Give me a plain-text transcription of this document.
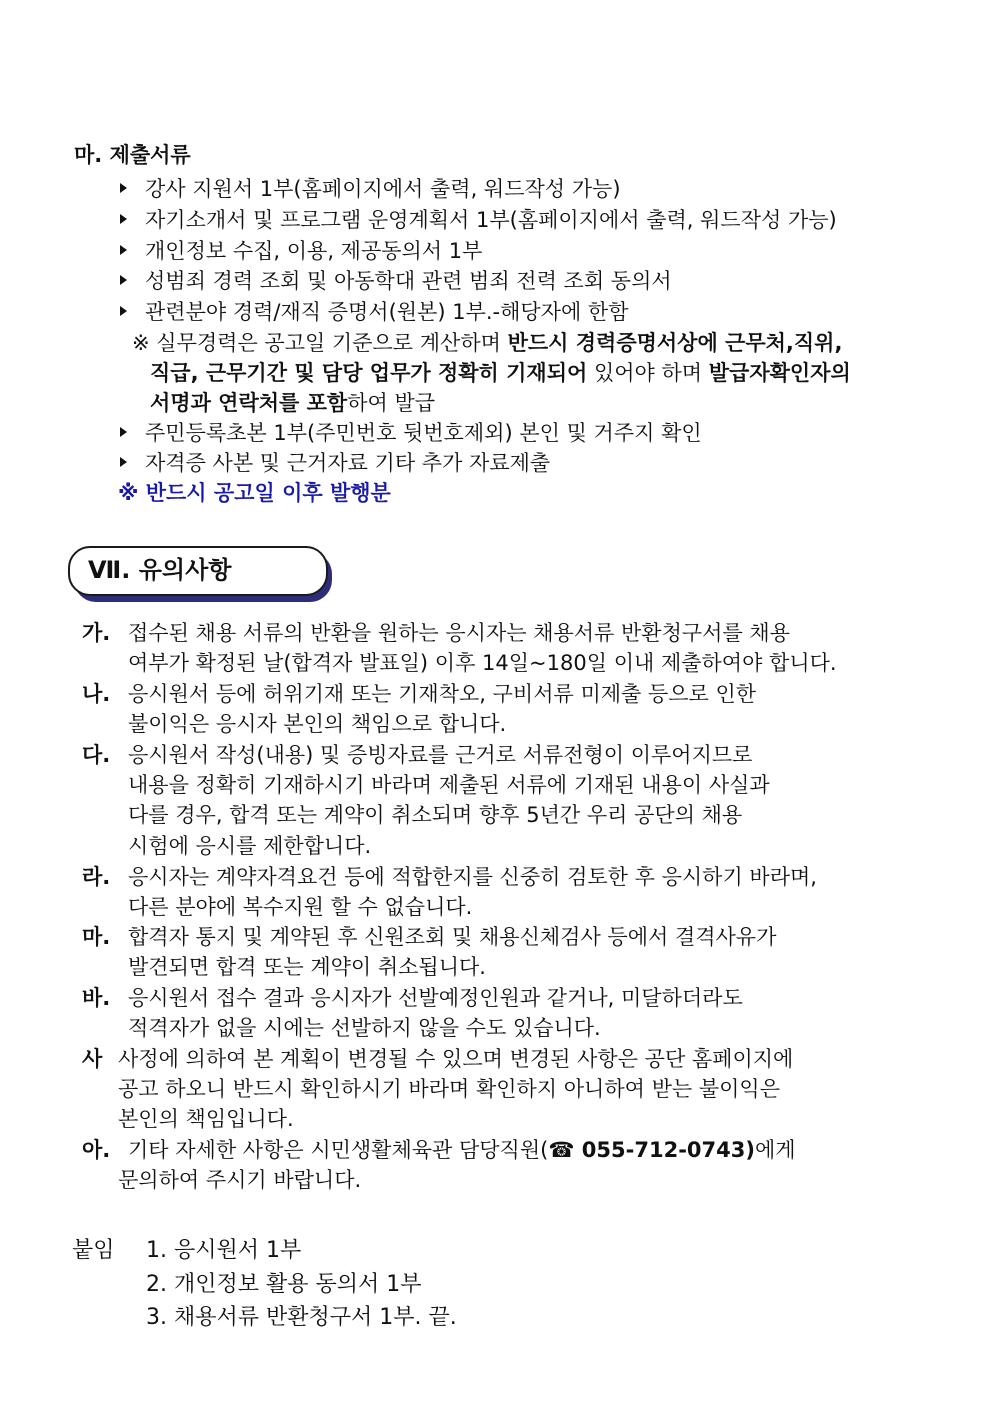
마. 제출서류
강사 지원서 1부(홈페이지에서 출력, 워드작성 가능)
자기소개서 및 프로그램 운영계획서 1부(홈페이지에서 출력, 워드작성 가능)
개인정보 수집, 이용, 제공동의서 1부
성범죄 경력 조회 및 아동학대 관련 범죄 전력 조회 동의서
관련분야 경력/재직 증명서(원본) 1부.-해당자에 한함
※ 실무경력은 공고일 기준으로 계산하며 반드시 경력증명서상에 근무처,직위,
직급, 근무기간 및 담당 업무가 정확히 기재되어 있어야 하며 발급자확인자의
서명과 연락처를 포함하여 발급
주민등록초본 1부(주민번호 뒷번호제외) 본인 및 거주지 확인
자격증 사본 및 근거자료 기타 추가 자료제출
※ 반드시 공고일 이후 발행분
Ⅶ. 유의사항
가. 접수된 채용 서류의 반환을 원하는 응시자는 채용서류 반환청구서를 채용
여부가 확정된 날(합격자 발표일) 이후 14일~180일 이내 제출하여야 합니다.
나. 응시원서 등에 허위기재 또는 기재착오, 구비서류 미제출 등으로 인한
불이익은 응시자 본인의 책임으로 합니다.
다. 응시원서 작성(내용) 및 증빙자료를 근거로 서류전형이 이루어지므로
내용을 정확히 기재하시기 바라며 제출된 서류에 기재된 내용이 사실과
다를 경우, 합격 또는 계약이 취소되며 향후 5년간 우리 공단의 채용
시험에 응시를 제한합니다.
라. 응시자는 계약자격요건 등에 적합한지를 신중히 검토한 후 응시하기 바라며,
다른 분야에 복수지원 할 수 없습니다.
마. 합격자 통지 및 계약된 후 신원조회 및 채용신체검사 등에서 결격사유가
발견되면 합격 또는 계약이 취소됩니다.
바. 응시원서 접수 결과 응시자가 선발예정인원과 같거나, 미달하더라도
적격자가 없을 시에는 선발하지 않을 수도 있습니다.
사 사정에 의하여 본 계획이 변경될 수 있으며 변경된 사항은 공단 홈페이지에
공고 하오니 반드시 확인하시기 바라며 확인하지 아니하여 받는 불이익은
본인의 책임입니다.
아. 기타 자세한 사항은 시민생활체육관 담당직원(☎ 055-712-0743)에게
문의하여 주시기 바랍니다.
붙임 1. 응시원서 1부
2. 개인정보 활용 동의서 1부
3. 채용서류 반환청구서 1부. 끝.
